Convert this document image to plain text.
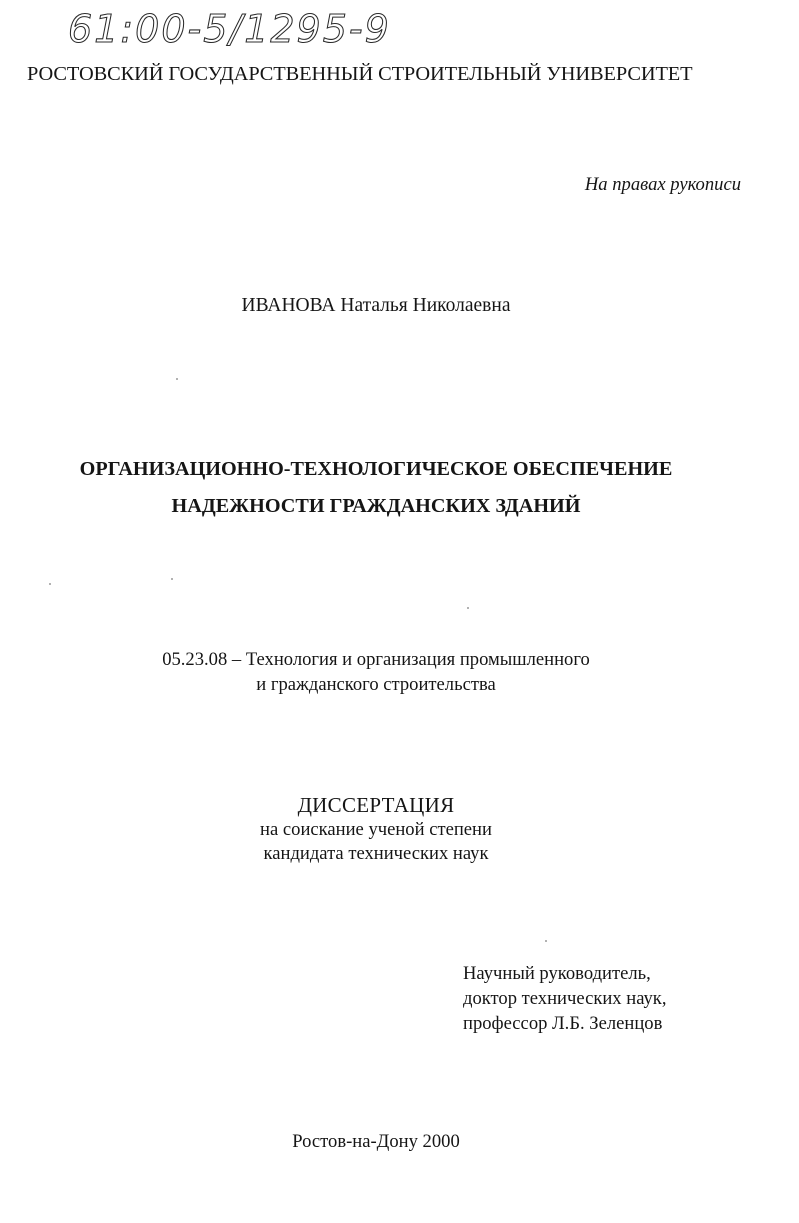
61:00-5/1295-9
РОСТОВСКИЙ ГОСУДАРСТВЕННЫЙ СТРОИТЕЛЬНЫЙ УНИВЕРСИТЕТ
На правах рукописи
ИВАНОВА Наталья Николаевна
ОРГАНИЗАЦИОННО-ТЕХНОЛОГИЧЕСКОЕ ОБЕСПЕЧЕНИЕ
НАДЕЖНОСТИ ГРАЖДАНСКИХ ЗДАНИЙ
05.23.08 – Технология и организация промышленного
и гражданского строительства
ДИССЕРТАЦИЯ
на соискание ученой степени
кандидата технических наук
Научный руководитель,
доктор технических наук,
профессор Л.Б. Зеленцов
Ростов-на-Дону 2000
